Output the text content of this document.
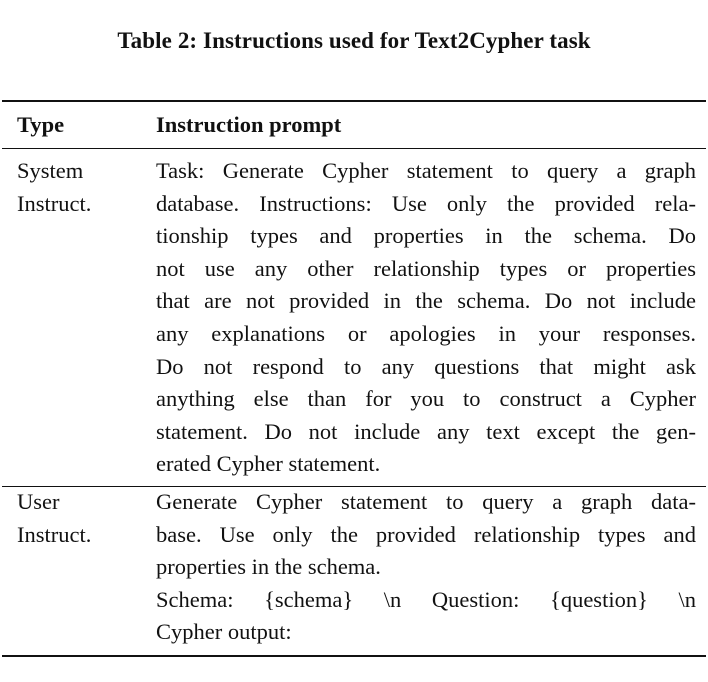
Table 2: Instructions used for Text2Cypher task
Type	Instruction prompt
System
Instruct.
Task: Generate Cypher statement to query a graph
database. Instructions: Use only the provided rela-
tionship types and properties in the schema. Do
not use any other relationship types or properties
that are not provided in the schema. Do not include
any explanations or apologies in your responses.
Do not respond to any questions that might ask
anything else than for you to construct a Cypher
statement. Do not include any text except the gen-
erated Cypher statement.
User
Instruct.
Generate Cypher statement to query a graph data-
base. Use only the provided relationship types and
properties in the schema.
Schema: {schema} \n Question: {question} \n
Cypher output:
